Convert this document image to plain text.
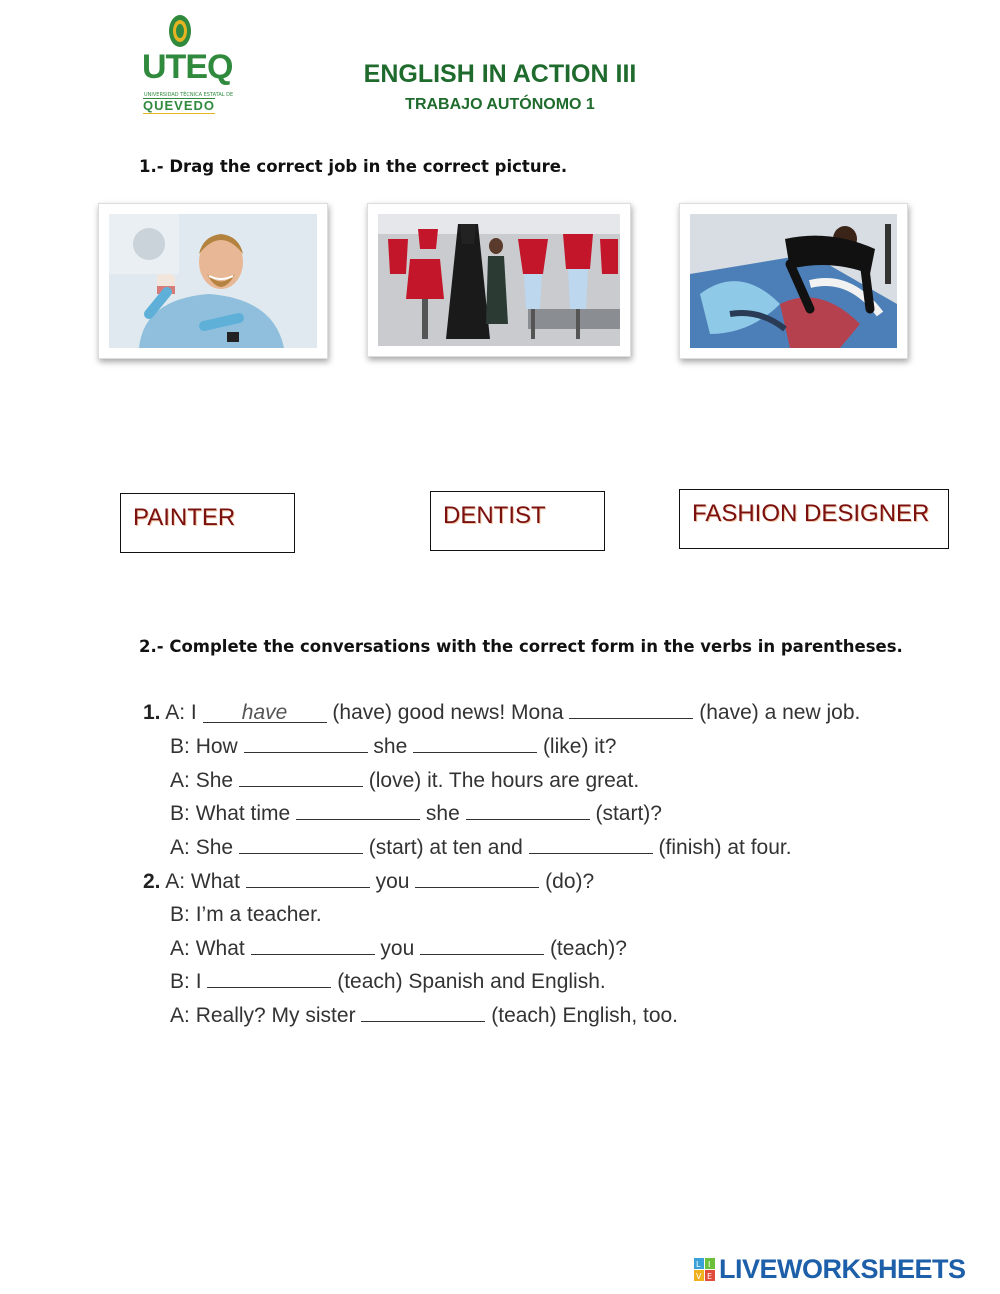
UTEQ
UNIVERSIDAD TÉCNICA ESTATAL DE
QUEVEDO
ENGLISH IN ACTION III
TRABAJO AUTÓNOMO 1
1.- Drag the correct job in the correct picture.
PAINTER	DENTIST	FASHION DESIGNER
2.- Complete the conversations with the correct form in the verbs in parentheses.
1. A: I have (have) good news! Mona	(have) a new job.
B: How	she	(like) it?
A: She	(love) it. The hours are great.
B: What time	she	(start)?
A: She	(start) at ten and	(finish) at four.
2. A: What	you	(do)?
B: I’m a teacher.
A: What	you	(teach)?
B: I	(teach) Spanish and English.
A: Really? My sister	(teach) English, too.
L I
V E LIVEWORKSHEETS
